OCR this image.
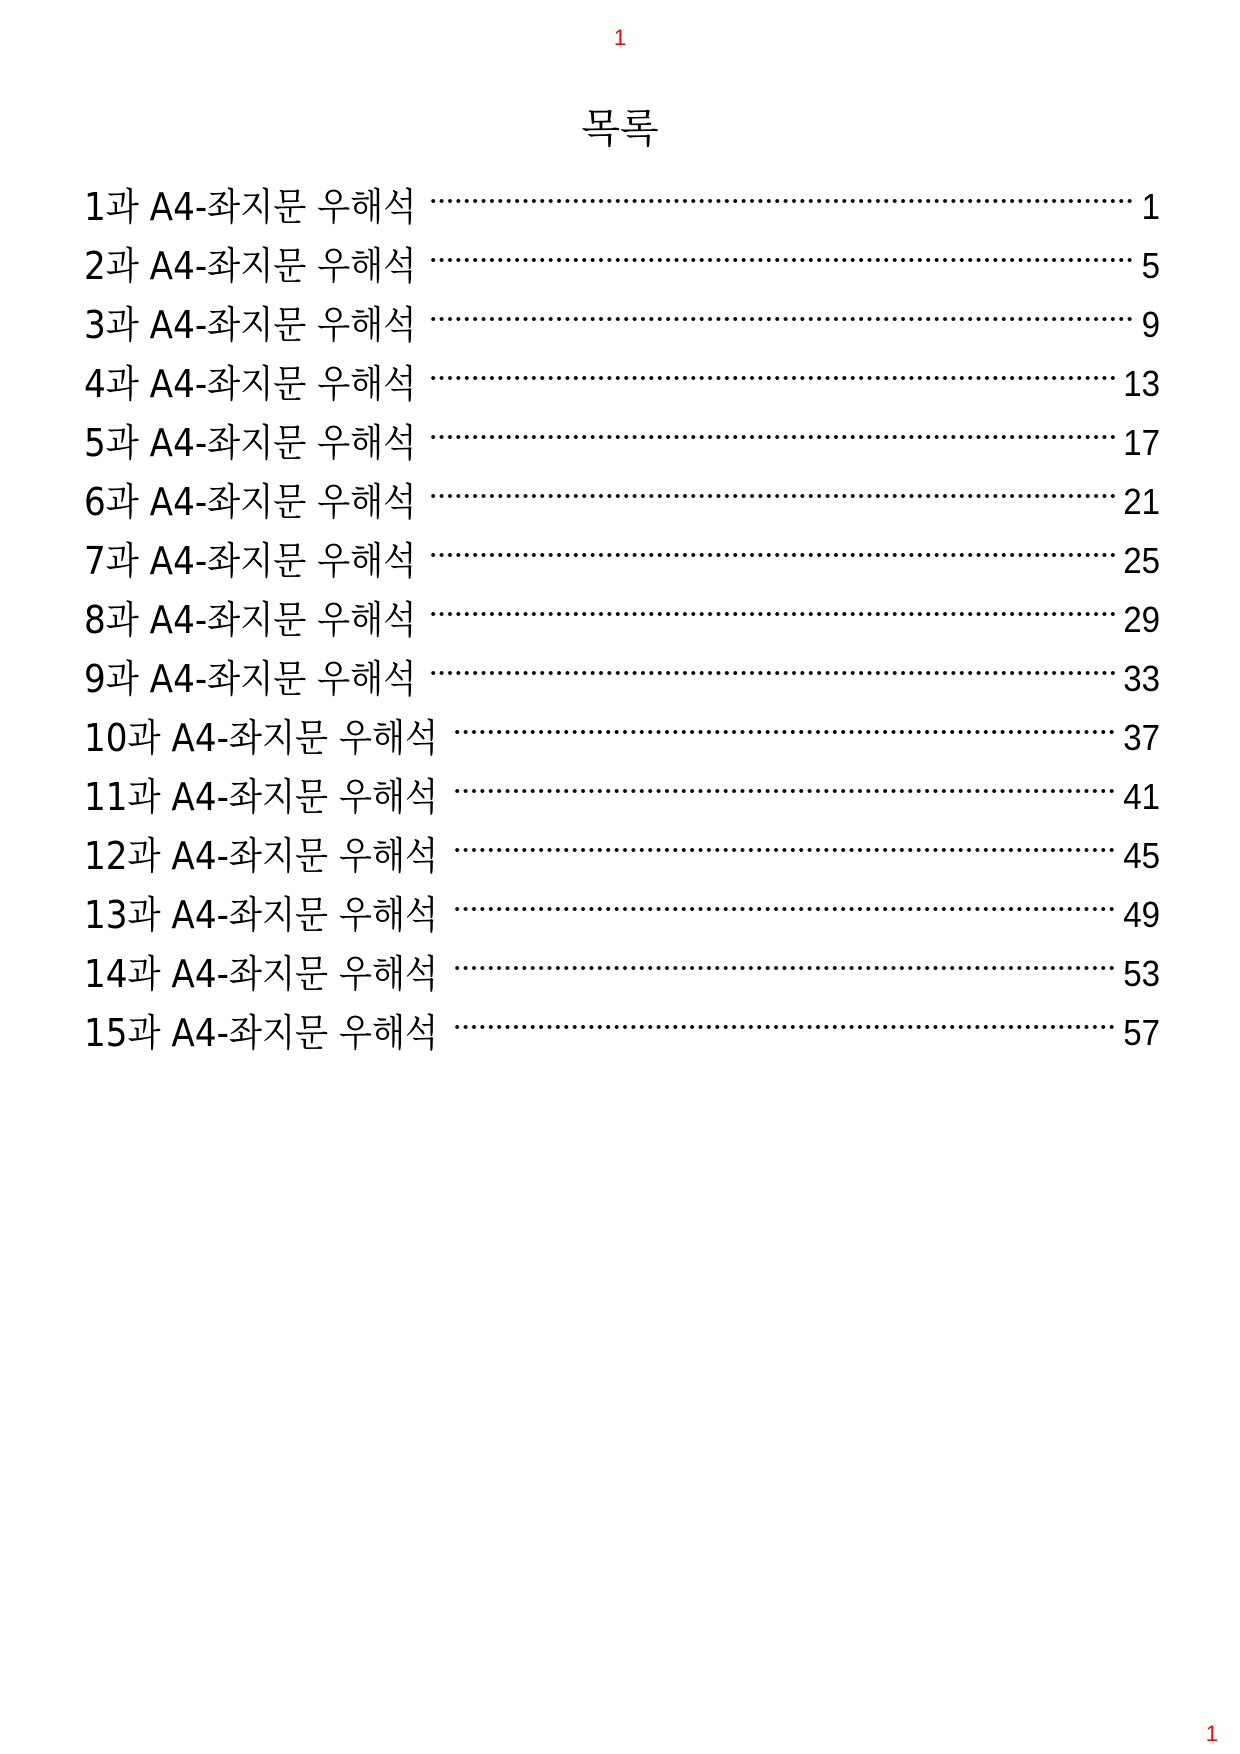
1
목록
1과 A4-좌지문 우해석	1
2과 A4-좌지문 우해석	5
3과 A4-좌지문 우해석	9
4과 A4-좌지문 우해석	13
5과 A4-좌지문 우해석	17
6과 A4-좌지문 우해석	21
7과 A4-좌지문 우해석	25
8과 A4-좌지문 우해석	29
9과 A4-좌지문 우해석	33
10과 A4-좌지문 우해석	37
11과 A4-좌지문 우해석	41
12과 A4-좌지문 우해석	45
13과 A4-좌지문 우해석	49
14과 A4-좌지문 우해석	53
15과 A4-좌지문 우해석	57
1
